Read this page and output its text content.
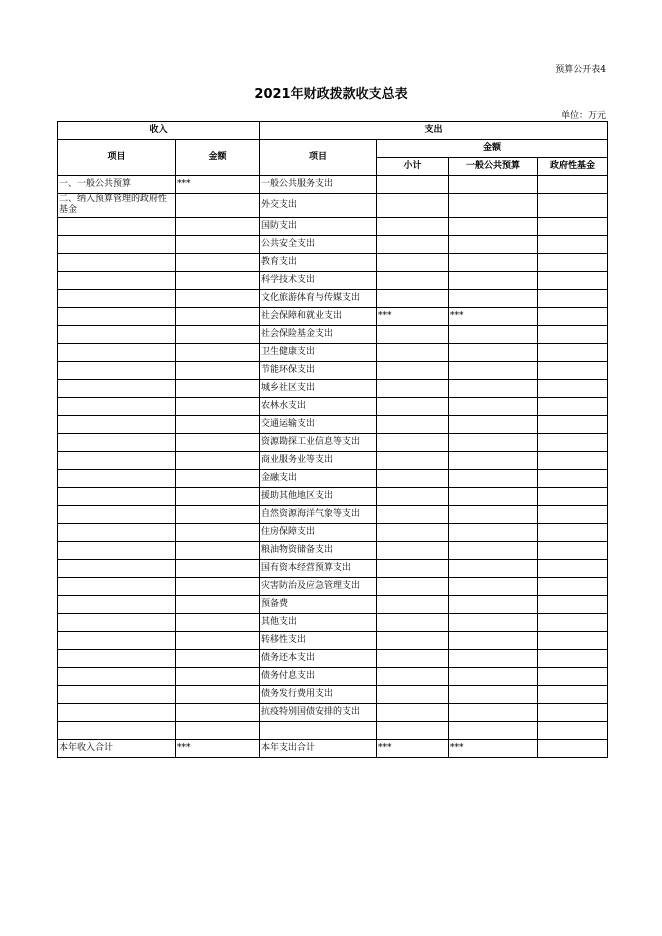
预算公开表4
2021年财政拨款收支总表
单位：万元
收入		支出			
项目	金额	项目	金额		
			小计	一般公共预算	政府性基金
一、一般公共预算	***	一般公共服务支出			
二、纳入预算管理的政府性基金		外交支出			
		国防支出			
		公共安全支出			
		教育支出			
		科学技术支出			
		文化旅游体育与传媒支出			
		社会保障和就业支出	***	***	
		社会保险基金支出			
		卫生健康支出			
		节能环保支出			
		城乡社区支出			
		农林水支出			
		交通运输支出			
		资源勘探工业信息等支出			
		商业服务业等支出			
		金融支出			
		援助其他地区支出			
		自然资源海洋气象等支出			
		住房保障支出			
		粮油物资储备支出			
		国有资本经营预算支出			
		灾害防治及应急管理支出			
		预备费			
		其他支出			
		转移性支出			
		债务还本支出			
		债务付息支出			
		债务发行费用支出			
		抗疫特别国债安排的支出			

本年收入合计	***	本年支出合计	***	***	
